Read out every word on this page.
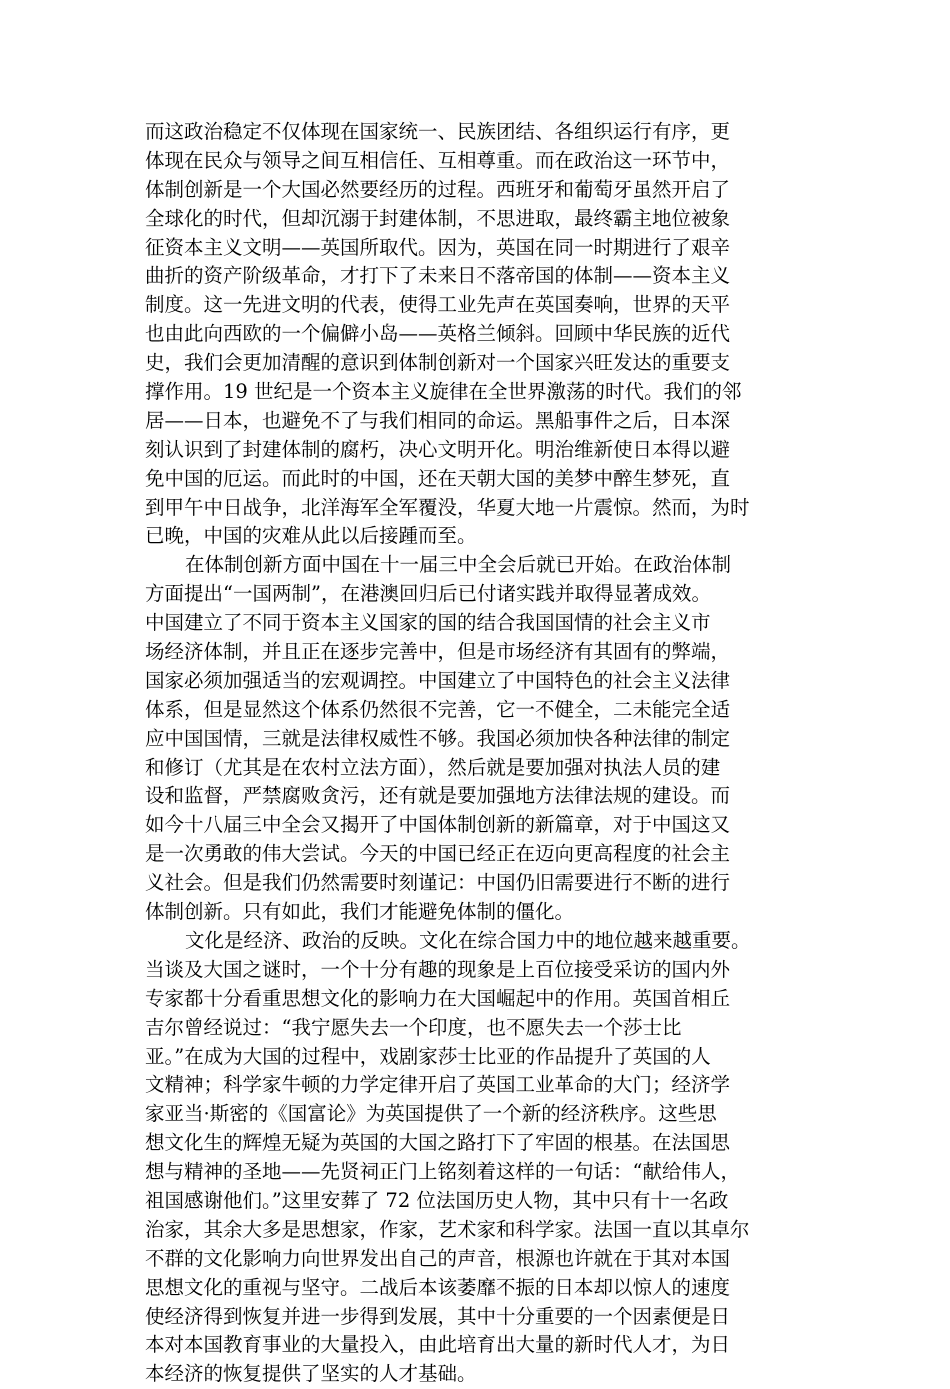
而这政治稳定不仅体现在国家统一、民族团结、各组织运行有序，更
体现在民众与领导之间互相信任、互相尊重。而在政治这一环节中，
体制创新是一个大国必然要经历的过程。西班牙和葡萄牙虽然开启了
全球化的时代，但却沉溺于封建体制，不思进取，最终霸主地位被象
征资本主义文明——英国所取代。因为，英国在同一时期进行了艰辛
曲折的资产阶级革命，才打下了未来日不落帝国的体制——资本主义
制度。这一先进文明的代表，使得工业先声在英国奏响，世界的天平
也由此向西欧的一个偏僻小岛——英格兰倾斜。回顾中华民族的近代
史，我们会更加清醒的意识到体制创新对一个国家兴旺发达的重要支
撑作用。19 世纪是一个资本主义旋律在全世界激荡的时代。我们的邻
居——日本，也避免不了与我们相同的命运。黑船事件之后，日本深
刻认识到了封建体制的腐朽，决心文明开化。明治维新使日本得以避
免中国的厄运。而此时的中国，还在天朝大国的美梦中醉生梦死，直
到甲午中日战争，北洋海军全军覆没，华夏大地一片震惊。然而，为时
已晚，中国的灾难从此以后接踵而至。
在体制创新方面中国在十一届三中全会后就已开始。在政治体制
方面提出“一国两制”，在港澳回归后已付诸实践并取得显著成效。
中国建立了不同于资本主义国家的国的结合我国国情的社会主义市
场经济体制，并且正在逐步完善中，但是市场经济有其固有的弊端，
国家必须加强适当的宏观调控。中国建立了中国特色的社会主义法律
体系，但是显然这个体系仍然很不完善，它一不健全，二未能完全适
应中国国情，三就是法律权威性不够。我国必须加快各种法律的制定
和修订（尤其是在农村立法方面），然后就是要加强对执法人员的建
设和监督，严禁腐败贪污，还有就是要加强地方法律法规的建设。而
如今十八届三中全会又揭开了中国体制创新的新篇章，对于中国这又
是一次勇敢的伟大尝试。今天的中国已经正在迈向更高程度的社会主
义社会。但是我们仍然需要时刻谨记：中国仍旧需要进行不断的进行
体制创新。只有如此，我们才能避免体制的僵化。
文化是经济、政治的反映。文化在综合国力中的地位越来越重要。
当谈及大国之谜时，一个十分有趣的现象是上百位接受采访的国内外
专家都十分看重思想文化的影响力在大国崛起中的作用。英国首相丘
吉尔曾经说过：“我宁愿失去一个印度，也不愿失去一个莎士比
亚。”在成为大国的过程中，戏剧家莎士比亚的作品提升了英国的人
文精神；科学家牛顿的力学定律开启了英国工业革命的大门；经济学
家亚当·斯密的《国富论》为英国提供了一个新的经济秩序。这些思
想文化生的辉煌无疑为英国的大国之路打下了牢固的根基。在法国思
想与精神的圣地——先贤祠正门上铭刻着这样的一句话：“献给伟人，
祖国感谢他们。”这里安葬了 72 位法国历史人物，其中只有十一名政
治家，其余大多是思想家，作家，艺术家和科学家。法国一直以其卓尔
不群的文化影响力向世界发出自己的声音，根源也许就在于其对本国
思想文化的重视与坚守。二战后本该萎靡不振的日本却以惊人的速度
使经济得到恢复并进一步得到发展，其中十分重要的一个因素便是日
本对本国教育事业的大量投入，由此培育出大量的新时代人才，为日
本经济的恢复提供了坚实的人才基础。
